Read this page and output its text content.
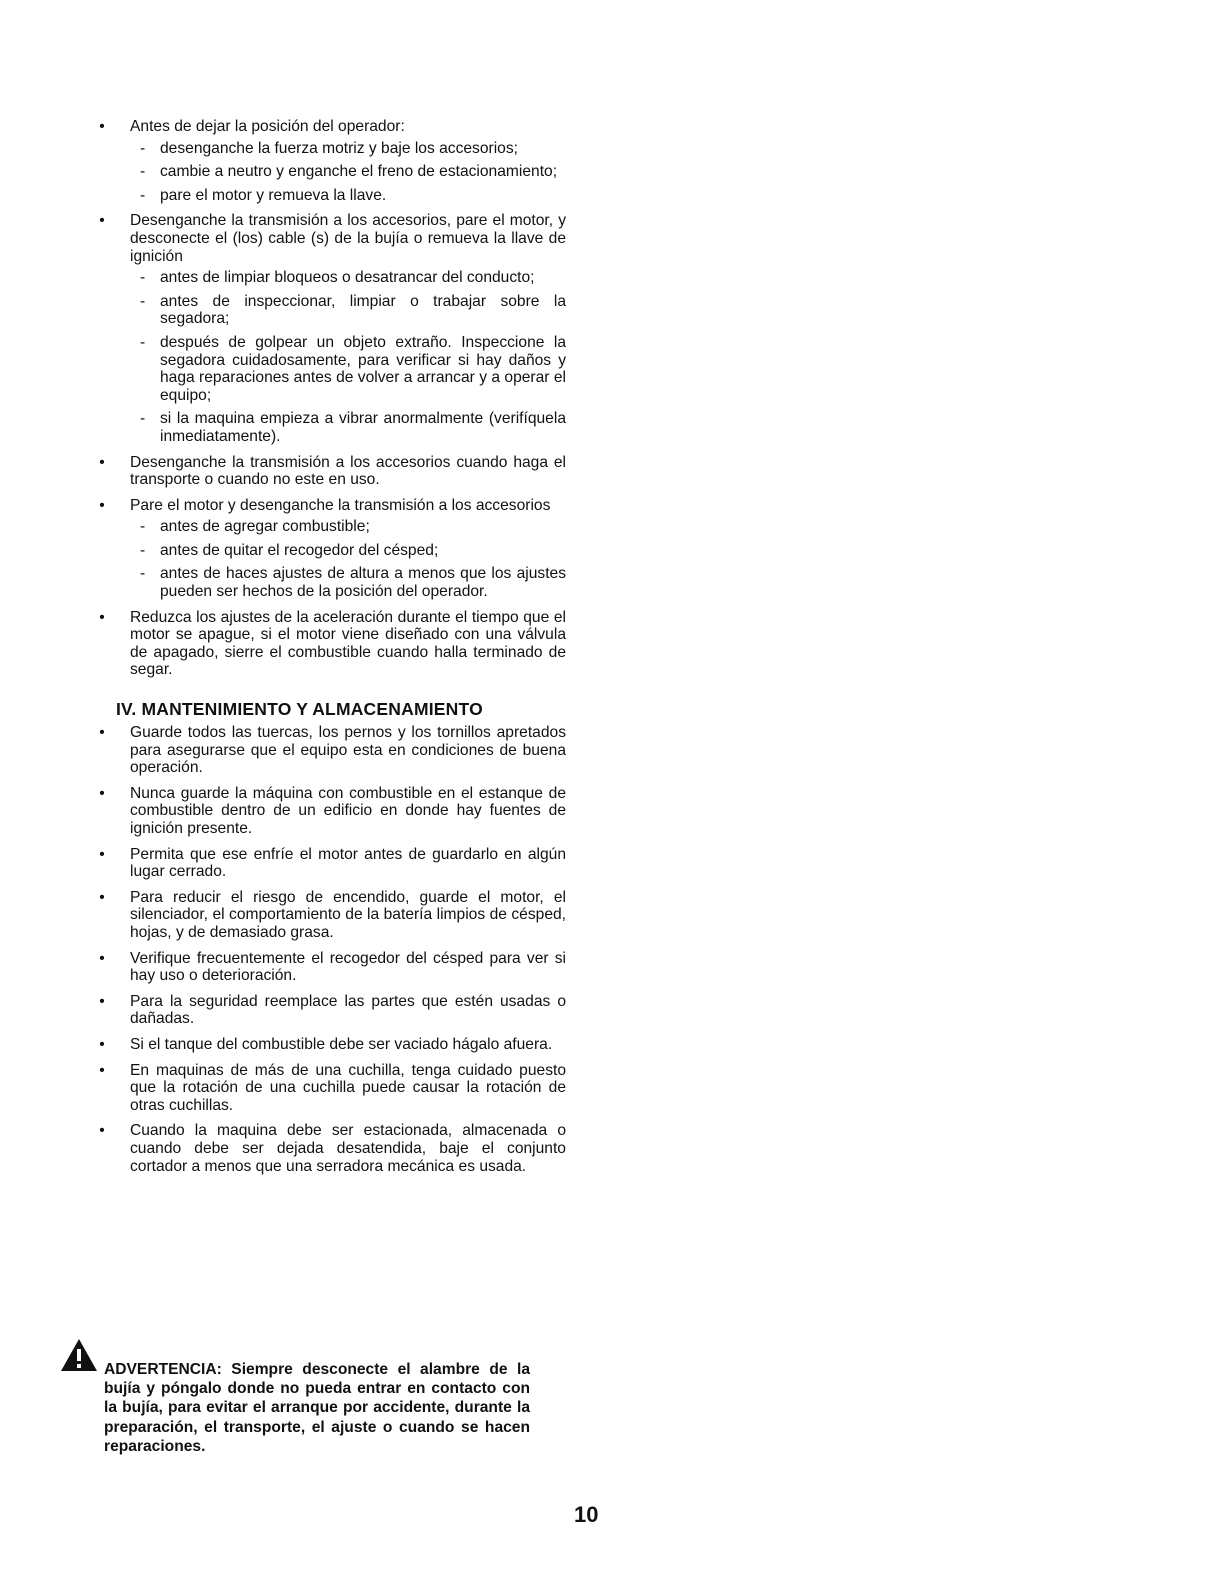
• Antes de dejar la posición del operador:
- desenganche la fuerza motriz y baje los accesorios;
- cambie a neutro y enganche el freno de estacionamiento;
- pare el motor y remueva la llave.
• Desenganche la transmisión a los accesorios, pare el motor, y desconecte el (los) cable (s) de la bujía o remueva la llave de ignición
- antes de limpiar bloqueos o desatrancar del conducto;
- antes de inspeccionar, limpiar o trabajar sobre la segadora;
- después de golpear un objeto extraño. Inspeccione la segadora cuidadosamente, para verificar si hay daños y haga reparaciones antes de volver a arrancar y a operar el equipo;
- si la maquina empieza a vibrar anormalmente (verifíquela inmediatamente).
• Desenganche la transmisión a los accesorios cuando haga el transporte o cuando no este en uso.
• Pare el motor y desenganche la transmisión a los accesorios
- antes de agregar combustible;
- antes de quitar el recogedor del césped;
- antes de haces ajustes de altura a menos que los ajustes pueden ser hechos de la posición del operador.
• Reduzca los ajustes de la aceleración durante el tiempo que el motor se apague, si el motor viene diseñado con una válvula de apagado, sierre el combustible cuando halla terminado de segar.
IV. MANTENIMIENTO Y ALMACENAMIENTO
• Guarde todos las tuercas, los pernos y los tornillos apretados para asegurarse que el equipo esta en condiciones de buena operación.
• Nunca guarde la máquina con combustible en el estanque de combustible dentro de un edificio en donde hay fuentes de ignición presente.
• Permita que ese enfríe el motor antes de guardarlo en algún lugar cerrado.
• Para reducir el riesgo de encendido, guarde el motor, el silenciador, el comportamiento de la batería limpios de césped, hojas, y de demasiado grasa.
• Verifique frecuentemente el recogedor del césped para ver si hay uso o deterioración.
• Para la seguridad reemplace las partes que estén usadas o dañadas.
• Si el tanque del combustible debe ser vaciado hágalo afuera.
• En maquinas de más de una cuchilla, tenga cuidado puesto que la rotación de una cuchilla puede causar la rotación de otras cuchillas.
• Cuando la maquina debe ser estacionada, almacenada o cuando debe ser dejada desatendida, baje el conjunto cortador a menos que una serradora mecánica es usada.
ADVERTENCIA: Siempre desconecte el alambre de la bujía y póngalo donde no pueda entrar en contacto con la bujía, para evitar el arranque por accidente, durante la preparación, el transporte, el ajuste o cuando se hacen reparaciones.
10
